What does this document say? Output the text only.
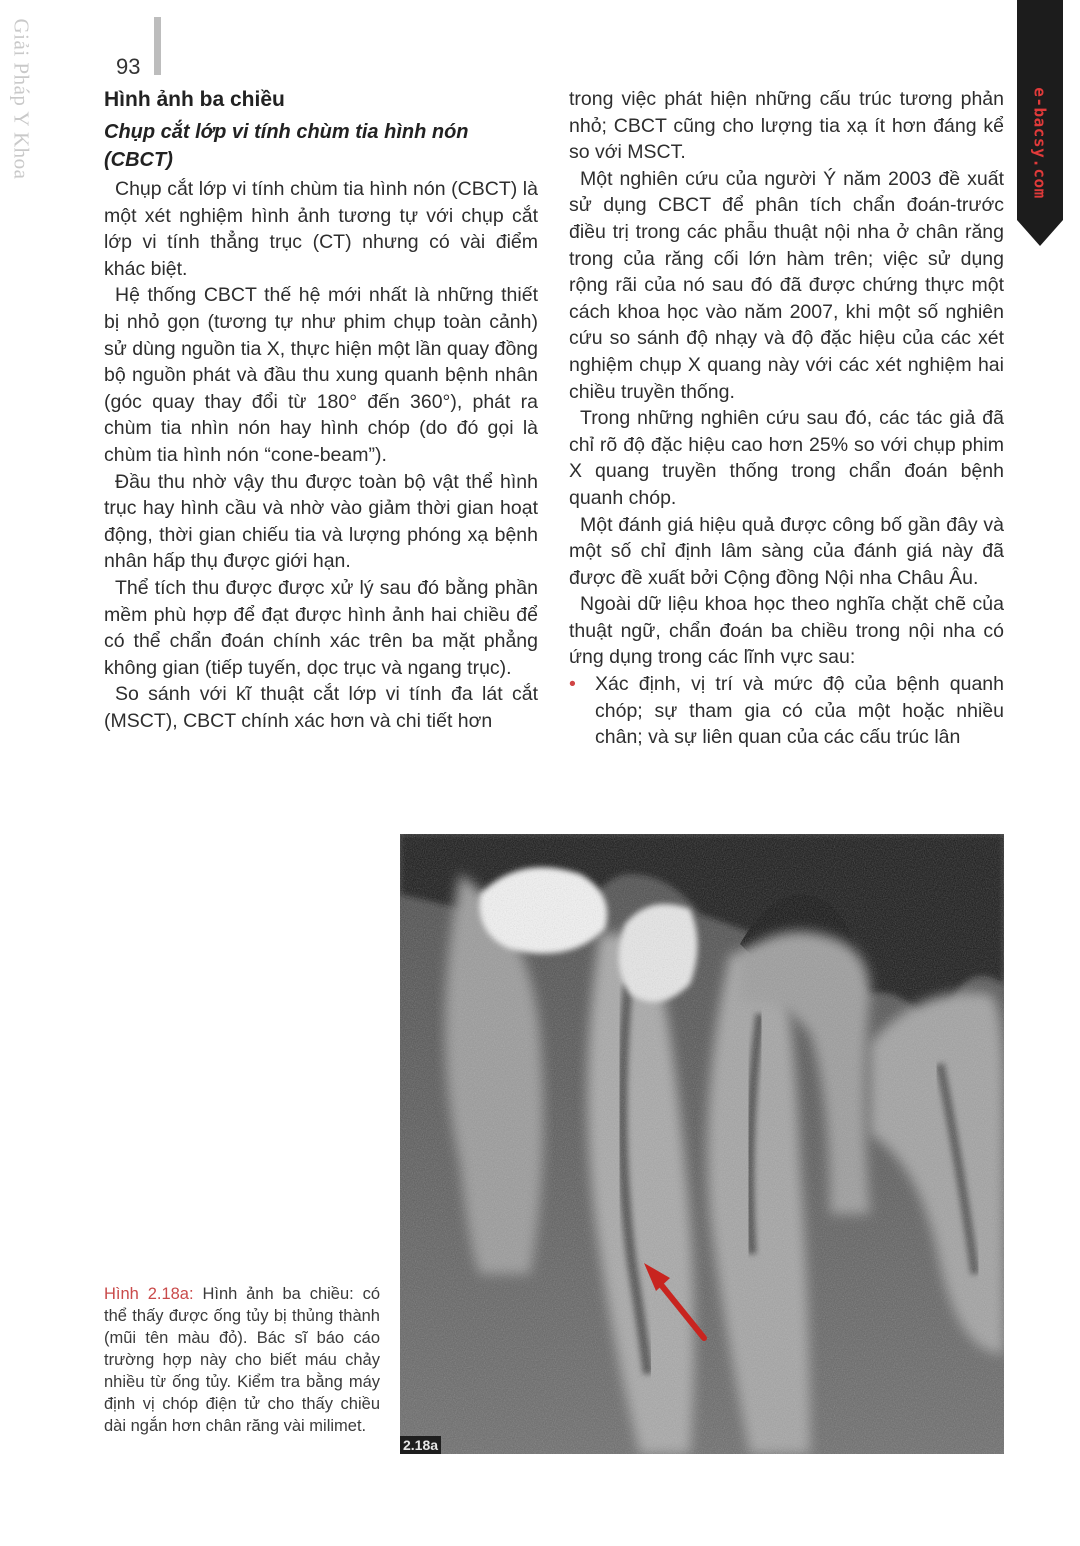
Giải Pháp Y Khoa	93
e-bacsy.com
Hình ảnh ba chiều
Chụp cắt lớp vi tính chùm tia hình nón (CBCT)

Chụp cắt lớp vi tính chùm tia hình nón (CBCT) là một xét nghiệm hình ảnh tương tự với chụp cắt lớp vi tính thẳng trục (CT) nhưng có vài điểm khác biệt.

Hệ thống CBCT thế hệ mới nhất là những thiết bị nhỏ gọn (tương tự như phim chụp toàn cảnh) sử dùng nguồn tia X, thực hiện một lần quay đồng bộ nguồn phát và đầu thu xung quanh bệnh nhân (góc quay thay đổi từ 180° đến 360°), phát ra chùm tia nhìn nón hay hình chóp (do đó gọi là chùm tia hình nón “cone-beam”).

Đầu thu nhờ vậy thu được toàn bộ vật thể hình trục hay hình cầu và nhờ vào giảm thời gian hoạt động, thời gian chiếu tia và lượng phóng xạ bệnh nhân hấp thụ được giới hạn.

Thể tích thu được được xử lý sau đó bằng phần mềm phù hợp để đạt được hình ảnh hai chiều để có thể chẩn đoán chính xác trên ba mặt phẳng không gian (tiếp tuyến, dọc trục và ngang trục).

So sánh với kĩ thuật cắt lớp vi tính đa lát cắt (MSCT), CBCT chính xác hơn và chi tiết hơn

trong việc phát hiện những cấu trúc tương phản nhỏ; CBCT cũng cho lượng tia xạ ít hơn đáng kể so với MSCT.

Một nghiên cứu của người Ý năm 2003 đề xuất sử dụng CBCT để phân tích chẩn đoán-trước điều trị trong các phẫu thuật nội nha ở chân răng trong của răng cối lớn hàm trên; việc sử dụng rộng rãi của nó sau đó đã được chứng thực một cách khoa học vào năm 2007, khi một số nghiên cứu so sánh độ nhạy và độ đặc hiệu của các xét nghiệm chụp X quang này với các xét nghiệm hai chiều truyền thống.

Trong những nghiên cứu sau đó, các tác giả đã chỉ rõ độ đặc hiệu cao hơn 25% so với chụp phim X quang truyền thống trong chẩn đoán bệnh quanh chóp.

Một đánh giá hiệu quả được công bố gần đây và một số chỉ định lâm sàng của đánh giá này đã được đề xuất bởi Cộng đồng Nội nha Châu Âu.

Ngoài dữ liệu khoa học theo nghĩa chặt chẽ của thuật ngữ, chẩn đoán ba chiều trong nội nha có ứng dụng trong các lĩnh vực sau:

• Xác định, vị trí và mức độ của bệnh quanh chóp; sự tham gia có của một hoặc nhiều chân; và sự liên quan của các cấu trúc lân
2.18a
Hình 2.18a: Hình ảnh ba chiều: có thể thấy được ống tủy bị thủng thành (mũi tên màu đỏ). Bác sĩ báo cáo trường hợp này cho biết máu chảy nhiều từ ống tủy. Kiểm tra bằng máy định vị chóp điện tử cho thấy chiều dài ngắn hơn chân răng vài milimet.
